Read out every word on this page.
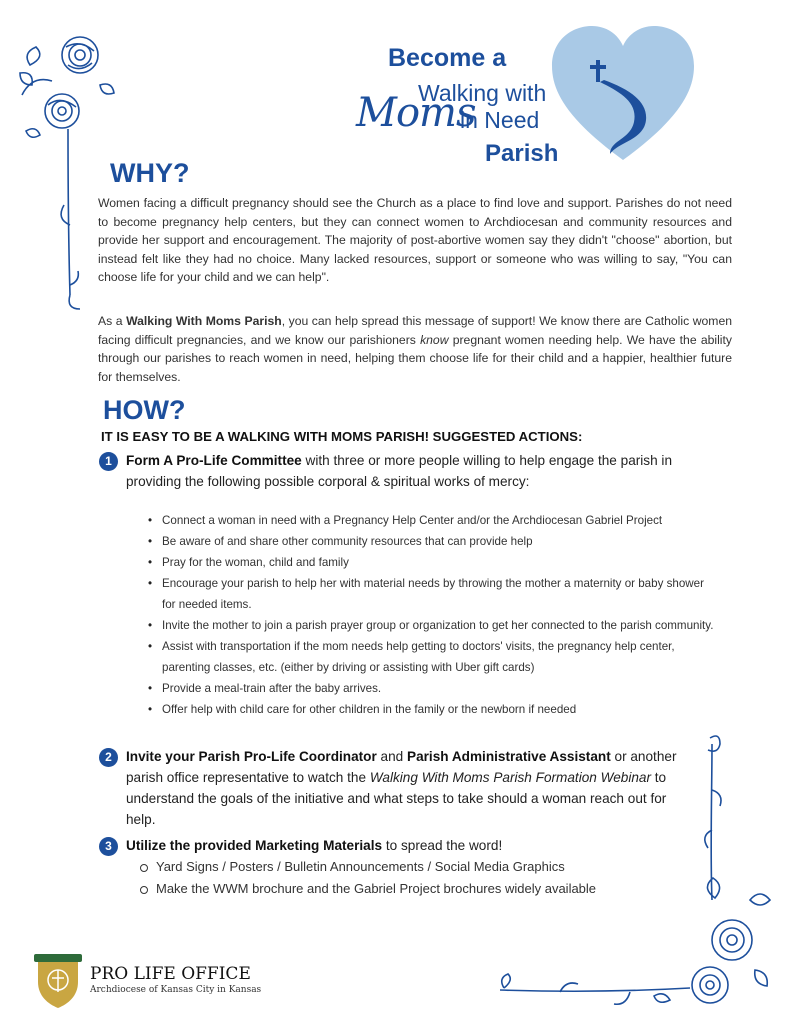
Become a
Walking with
Moms
in Need
Parish
WHY?
Women facing a difficult pregnancy should see the Church as a place to find love and support. Parishes do not need to become pregnancy help centers, but they can connect women to Archdiocesan and community resources and provide her support and encouragement. The majority of post-abortive women say they didn't "choose" abortion, but instead felt like they had no choice. Many lacked resources, support or someone who was willing to say, "You can choose life for your child and we can help".
As a Walking With Moms Parish, you can help spread this message of support! We know there are Catholic women facing difficult pregnancies, and we know our parishioners know pregnant women needing help. We have the ability through our parishes to reach women in need, helping them choose life for their child and a happier, healthier future for themselves.
HOW?
IT IS EASY TO BE A WALKING WITH MOMS PARISH! SUGGESTED ACTIONS:
1	Form A Pro-Life Committee with three or more people willing to help engage the parish in providing the following possible corporal & spiritual works of mercy:
• Connect a woman in need with a Pregnancy Help Center and/or the Archdiocesan Gabriel Project
• Be aware of and share other community resources that can provide help
• Pray for the woman, child and family
• Encourage your parish to help her with material needs by throwing the mother a maternity or baby shower for needed items.
• Invite the mother to join a parish prayer group or organization to get her connected to the parish community.
• Assist with transportation if the mom needs help getting to doctors' visits, the pregnancy help center, parenting classes, etc. (either by driving or assisting with Uber gift cards)
• Provide a meal-train after the baby arrives.
• Offer help with child care for other children in the family or the newborn if needed
2	Invite your Parish Pro-Life Coordinator and Parish Administrative Assistant or another parish office representative to watch the Walking With Moms Parish Formation Webinar to understand the goals of the initiative and what steps to take should a woman reach out for help.
3	Utilize the provided Marketing Materials to spread the word!
Yard Signs / Posters / Bulletin Announcements / Social Media Graphics
Make the WWM brochure and the Gabriel Project brochures widely available
PRO LIFE OFFICE
Archdiocese of Kansas City in Kansas
